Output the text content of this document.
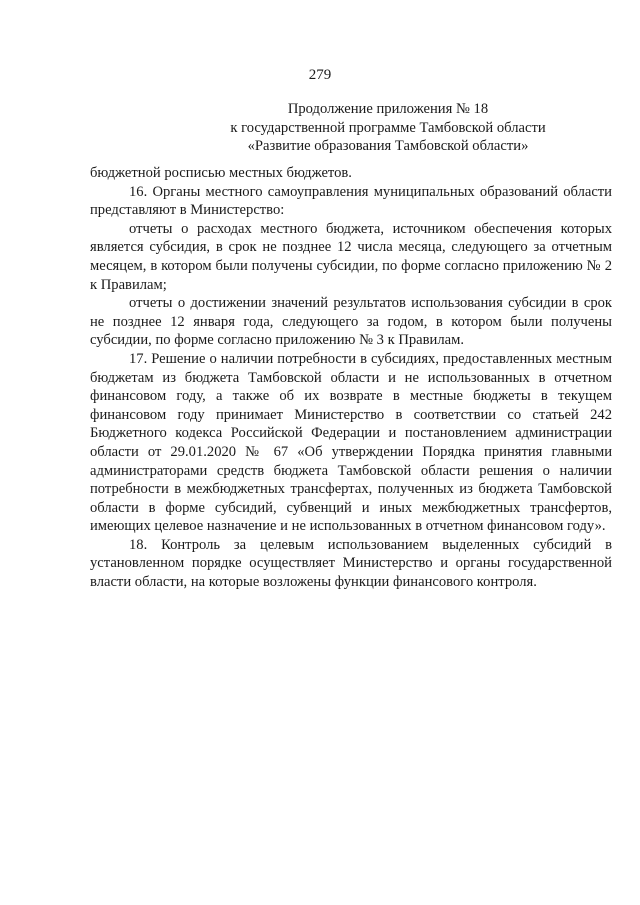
279
Продолжение приложения № 18
к государственной программе Тамбовской области
«Развитие образования Тамбовской области»

бюджетной росписью местных бюджетов.

16. Органы местного самоуправления муниципальных образований области представляют в Министерство:

отчеты о расходах местного бюджета, источником обеспечения которых является субсидия, в срок не позднее 12 числа месяца, следующего за отчетным месяцем, в котором были получены субсидии, по форме согласно приложению № 2 к Правилам;

отчеты о достижении значений результатов использования субсидии в срок не позднее 12 января года, следующего за годом, в котором были получены субсидии, по форме согласно приложению № 3 к Правилам.

17. Решение о наличии потребности в субсидиях, предоставленных местным бюджетам из бюджета Тамбовской области и не использованных в отчетном финансовом году, а также об их возврате в местные бюджеты в текущем финансовом году принимает Министерство в соответствии со статьей 242 Бюджетного кодекса Российской Федерации и постановлением администрации области от 29.01.2020 № 67 «Об утверждении Порядка принятия главными администраторами средств бюджета Тамбовской области решения о наличии потребности в межбюджетных трансфертах, полученных из бюджета Тамбовской области в форме субсидий, субвенций и иных межбюджетных трансфертов, имеющих целевое назначение и не использованных в отчетном финансовом году».

18. Контроль за целевым использованием выделенных субсидий в установленном порядке осуществляет Министерство и органы государственной власти области, на которые возложены функции финансового контроля.
